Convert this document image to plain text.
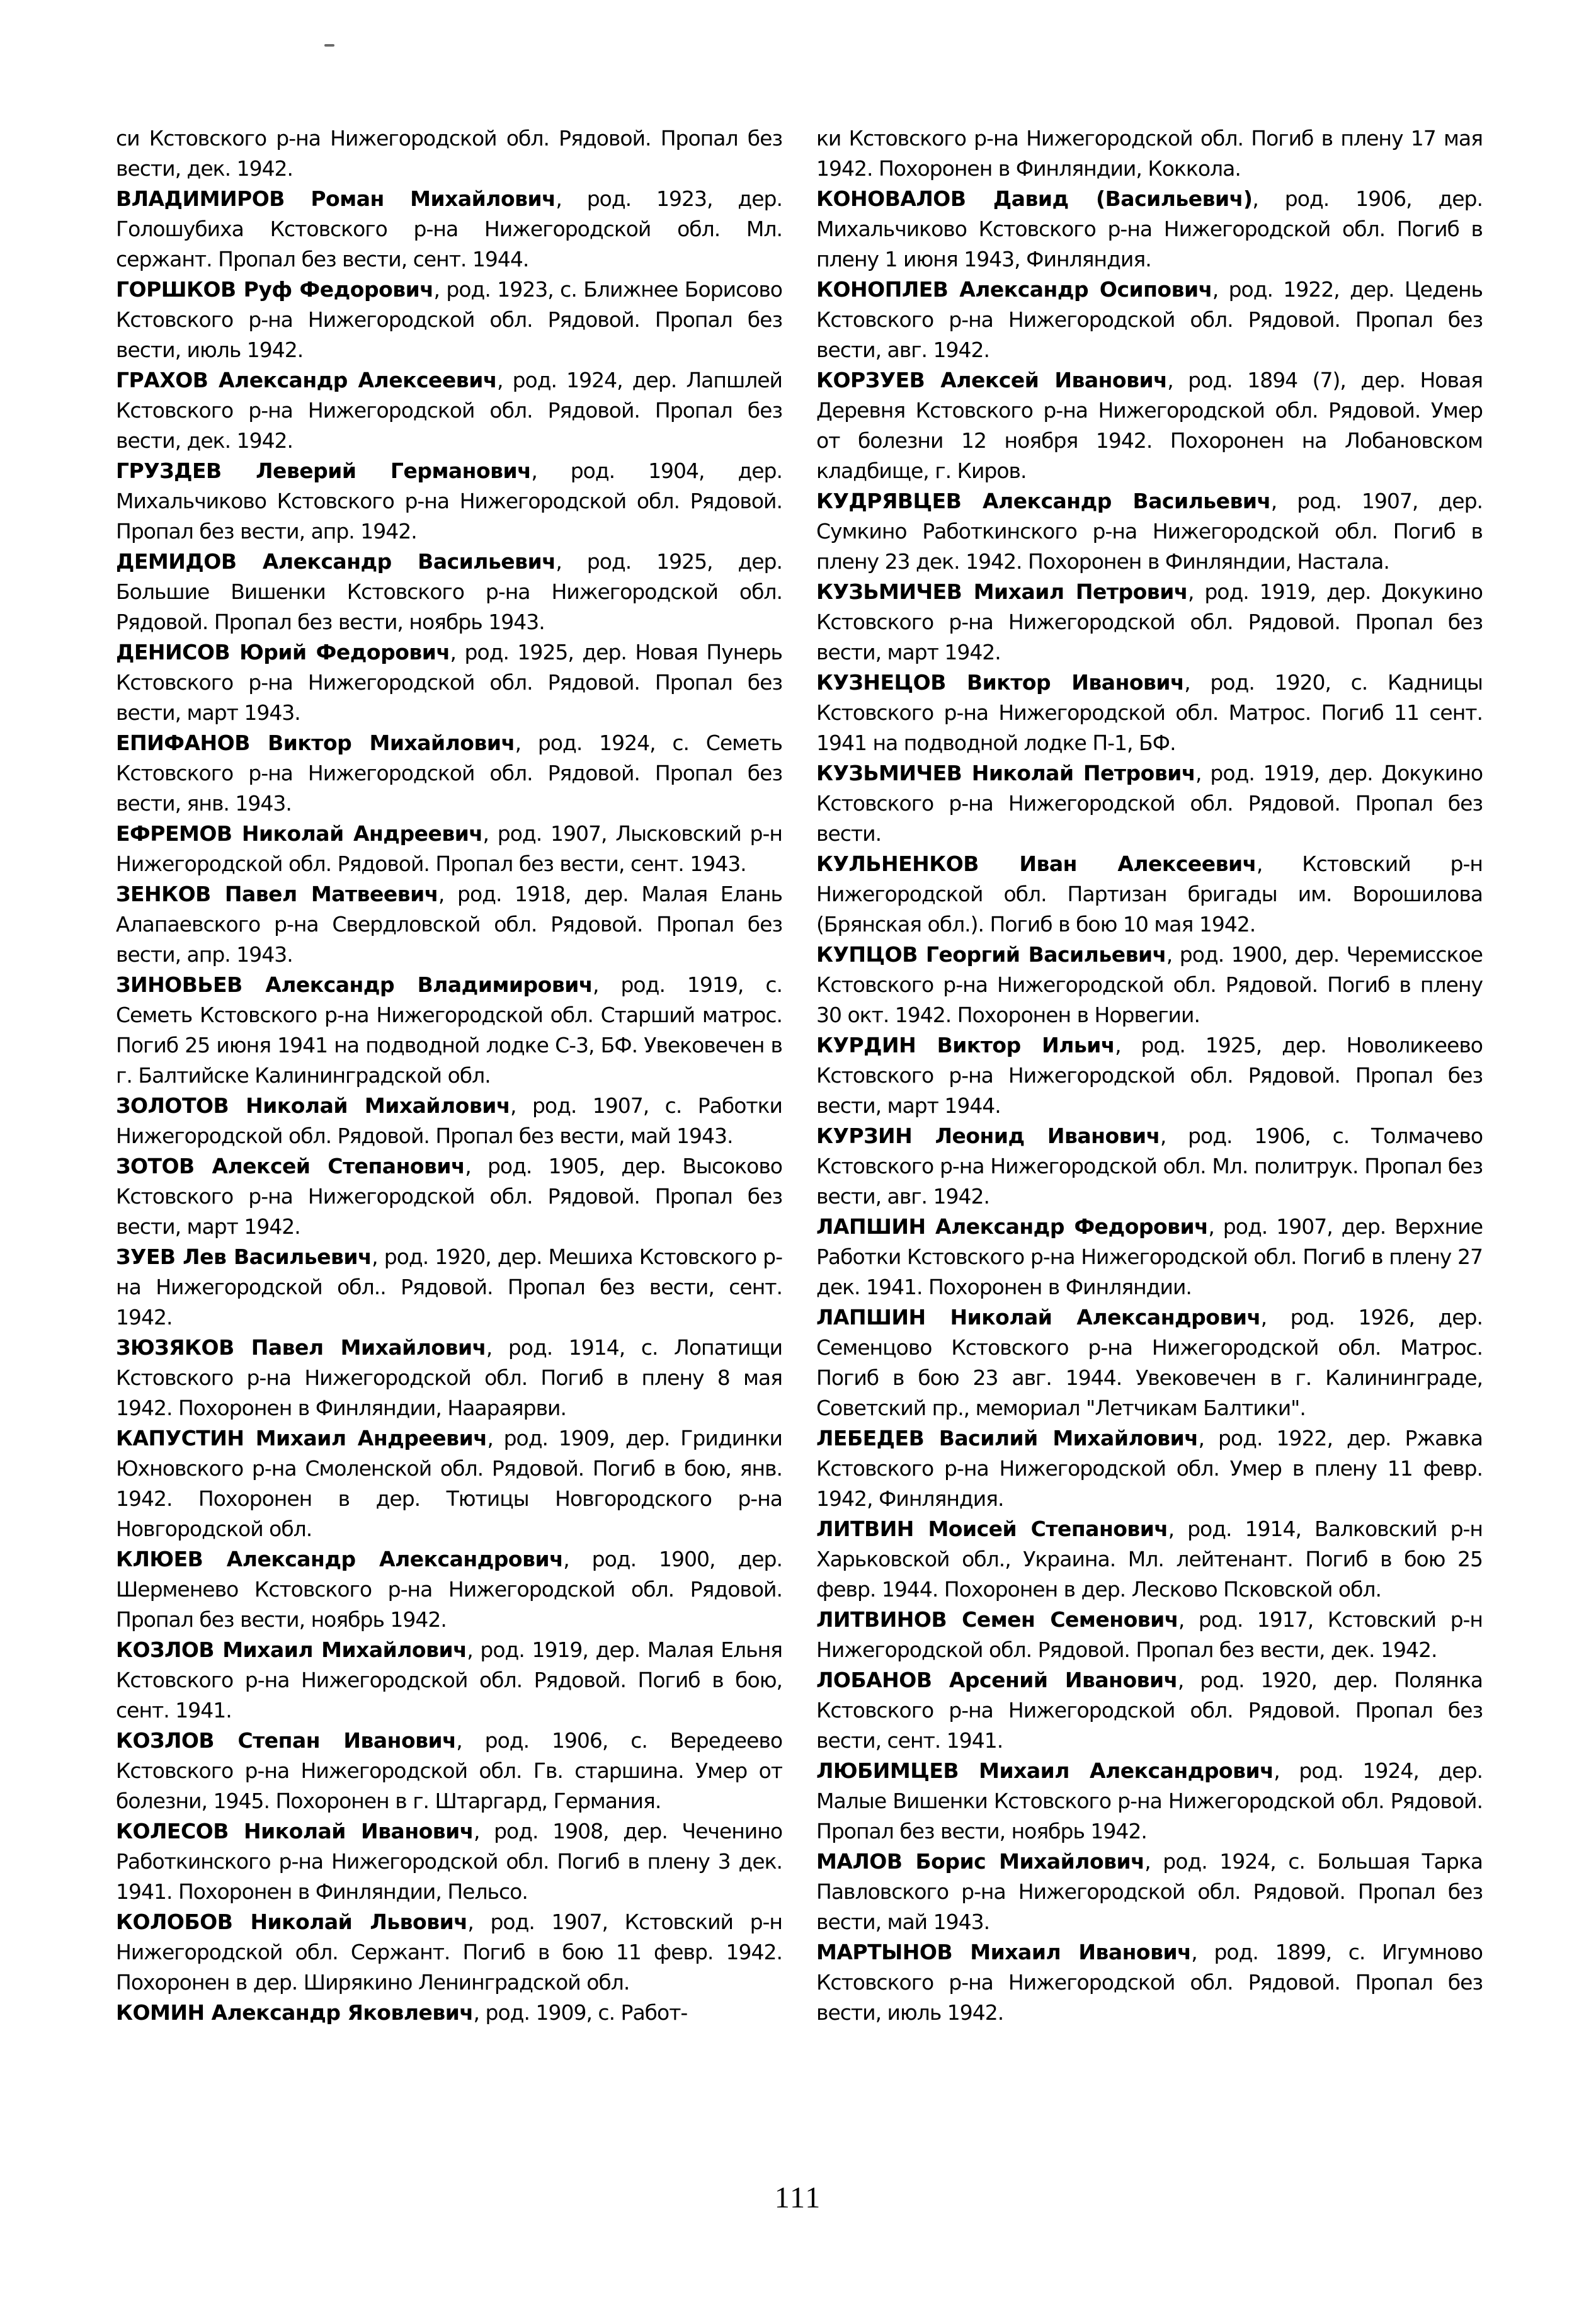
си Кстовского р-на Нижегородской обл. Рядовой. Пропал без вести, дек. 1942.

ВЛАДИМИРОВ Роман Михайлович, род. 1923, дер. Голошубиха Кстовского р-на Нижегородской обл. Мл. сержант. Пропал без вести, сент. 1944.

ГОРШКОВ Руф Федорович, род. 1923, с. Ближнее Борисово Кстовского р-на Нижегородской обл. Рядовой. Пропал без вести, июль 1942.

ГРАХОВ Александр Алексеевич, род. 1924, дер. Лапшлей Кстовского р-на Нижегородской обл. Рядовой. Пропал без вести, дек. 1942.

ГРУЗДЕВ Леверий Германович, род. 1904, дер. Михальчиково Кстовского р-на Нижегородской обл. Рядовой. Пропал без вести, апр. 1942.

ДЕМИДОВ Александр Васильевич, род. 1925, дер. Большие Вишенки Кстовского р-на Нижегородской обл. Рядовой. Пропал без вести, ноябрь 1943.

ДЕНИСОВ Юрий Федорович, род. 1925, дер. Новая Пунерь Кстовского р-на Нижегородской обл. Рядовой. Пропал без вести, март 1943.

ЕПИФАНОВ Виктор Михайлович, род. 1924, с. Семеть Кстовского р-на Нижегородской обл. Рядовой. Пропал без вести, янв. 1943.

ЕФРЕМОВ Николай Андреевич, род. 1907, Лысковский р-н Нижегородской обл. Рядовой. Пропал без вести, сент. 1943.

ЗЕНКОВ Павел Матвеевич, род. 1918, дер. Малая Елань Алапаевского р-на Свердловской обл. Рядовой. Пропал без вести, апр. 1943.

ЗИНОВЬЕВ Александр Владимирович, род. 1919, с. Семеть Кстовского р-на Нижегородской обл. Старший матрос. Погиб 25 июня 1941 на подводной лодке С-3, БФ. Увековечен в г. Балтийске Калининградской обл.

ЗОЛОТОВ Николай Михайлович, род. 1907, с. Работки Нижегородской обл. Рядовой. Пропал без вести, май 1943.

ЗОТОВ Алексей Степанович, род. 1905, дер. Высоково Кстовского р-на Нижегородской обл. Рядовой. Пропал без вести, март 1942.

ЗУЕВ Лев Васильевич, род. 1920, дер. Мешиха Кстовского р-на Нижегородской обл.. Рядовой. Пропал без вести, сент. 1942.

ЗЮЗЯКОВ Павел Михайлович, род. 1914, с. Лопатищи Кстовского р-на Нижегородской обл. Погиб в плену 8 мая 1942. Похоронен в Финляндии, Наараярви.

КАПУСТИН Михаил Андреевич, род. 1909, дер. Гридинки Юхновского р-на Смоленской обл. Рядовой. Погиб в бою, янв. 1942. Похоронен в дер. Тютицы Новгородского р-на Новгородской обл.

КЛЮЕВ Александр Александрович, род. 1900, дер. Шерменево Кстовского р-на Нижегородской обл. Рядовой. Пропал без вести, ноябрь 1942.

КОЗЛОВ Михаил Михайлович, род. 1919, дер. Малая Ельня Кстовского р-на Нижегородской обл. Рядовой. Погиб в бою, сент. 1941.

КОЗЛОВ Степан Иванович, род. 1906, с. Вередеево Кстовского р-на Нижегородской обл. Гв. старшина. Умер от болезни, 1945. Похоронен в г. Штаргард, Германия.

КОЛЕСОВ Николай Иванович, род. 1908, дер. Чеченино Работкинского р-на Нижегородской обл. Погиб в плену 3 дек. 1941. Похоронен в Финляндии, Пельсо.

КОЛОБОВ Николай Львович, род. 1907, Кстовский р-н Нижегородской обл. Сержант. Погиб в бою 11 февр. 1942. Похоронен в дер. Ширякино Ленинградской обл.

КОМИН Александр Яковлевич, род. 1909, с. Работ-

ки Кстовского р-на Нижегородской обл. Погиб в плену 17 мая 1942. Похоронен в Финляндии, Коккола.

КОНОВАЛОВ Давид (Васильевич), род. 1906, дер. Михальчиково Кстовского р-на Нижегородской обл. Погиб в плену 1 июня 1943, Финляндия.

КОНОПЛЕВ Александр Осипович, род. 1922, дер. Цедень Кстовского р-на Нижегородской обл. Рядовой. Пропал без вести, авг. 1942.

КОРЗУЕВ Алексей Иванович, род. 1894 (7), дер. Новая Деревня Кстовского р-на Нижегородской обл. Рядовой. Умер от болезни 12 ноября 1942. Похоронен на Лобановском кладбище, г. Киров.

КУДРЯВЦЕВ Александр Васильевич, род. 1907, дер. Сумкино Работкинского р-на Нижегородской обл. Погиб в плену 23 дек. 1942. Похоронен в Финляндии, Настала.

КУЗЬМИЧЕВ Михаил Петрович, род. 1919, дер. Докукино Кстовского р-на Нижегородской обл. Рядовой. Пропал без вести, март 1942.

КУЗНЕЦОВ Виктор Иванович, род. 1920, с. Кадницы Кстовского р-на Нижегородской обл. Матрос. Погиб 11 сент. 1941 на подводной лодке П-1, БФ.

КУЗЬМИЧЕВ Николай Петрович, род. 1919, дер. Докукино Кстовского р-на Нижегородской обл. Рядовой. Пропал без вести.

КУЛЬНЕНКОВ Иван Алексеевич, Кстовский р-н Нижегородской обл. Партизан бригады им. Ворошилова (Брянская обл.). Погиб в бою 10 мая 1942.

КУПЦОВ Георгий Васильевич, род. 1900, дер. Черемисское Кстовского р-на Нижегородской обл. Рядовой. Погиб в плену 30 окт. 1942. Похоронен в Норвегии.

КУРДИН Виктор Ильич, род. 1925, дер. Новоликеево Кстовского р-на Нижегородской обл. Рядовой. Пропал без вести, март 1944.

КУРЗИН Леонид Иванович, род. 1906, с. Толмачево Кстовского р-на Нижегородской обл. Мл. политрук. Пропал без вести, авг. 1942.

ЛАПШИН Александр Федорович, род. 1907, дер. Верхние Работки Кстовского р-на Нижегородской обл. Погиб в плену 27 дек. 1941. Похоронен в Финляндии.

ЛАПШИН Николай Александрович, род. 1926, дер. Семенцово Кстовского р-на Нижегородской обл. Матрос. Погиб в бою 23 авг. 1944. Увековечен в г. Калининграде, Советский пр., мемориал "Летчикам Балтики".

ЛЕБЕДЕВ Василий Михайлович, род. 1922, дер. Ржавка Кстовского р-на Нижегородской обл. Умер в плену 11 февр. 1942, Финляндия.

ЛИТВИН Моисей Степанович, род. 1914, Валковский р-н Харьковской обл., Украина. Мл. лейтенант. Погиб в бою 25 февр. 1944. Похоронен в дер. Лесково Псковской обл.

ЛИТВИНОВ Семен Семенович, род. 1917, Кстовский р-н Нижегородской обл. Рядовой. Пропал без вести, дек. 1942.

ЛОБАНОВ Арсений Иванович, род. 1920, дер. Полянка Кстовского р-на Нижегородской обл. Рядовой. Пропал без вести, сент. 1941.

ЛЮБИМЦЕВ Михаил Александрович, род. 1924, дер. Малые Вишенки Кстовского р-на Нижегородской обл. Рядовой. Пропал без вести, ноябрь 1942.

МАЛОВ Борис Михайлович, род. 1924, с. Большая Тарка Павловского р-на Нижегородской обл. Рядовой. Пропал без вести, май 1943.

МАРТЫНОВ Михаил Иванович, род. 1899, с. Игумново Кстовского р-на Нижегородской обл. Рядовой. Пропал без вести, июль 1942.

111
